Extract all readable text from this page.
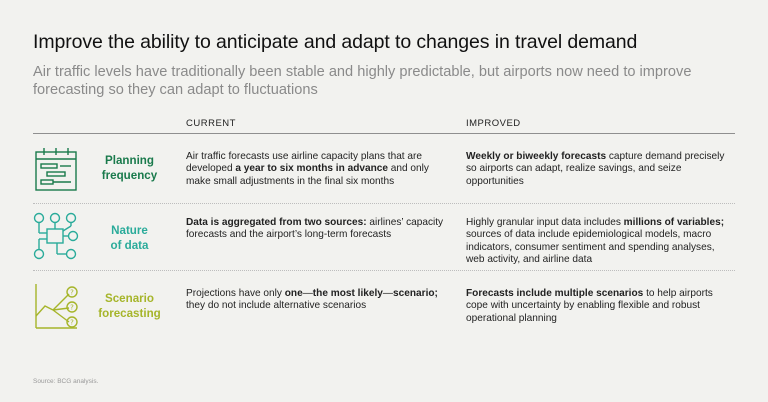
Improve the ability to anticipate and adapt to changes in travel demand
Air traffic levels have traditionally been stable and highly predictable, but airports now need to improve forecasting so they can adapt to fluctuations
CURRENT	IMPROVED
Planning
frequency
Air traffic forecasts use airline capacity plans that are developed a year to six months in advance and only make small adjustments in the final six months
Weekly or biweekly forecasts capture demand precisely so airports can adapt, realize savings, and seize opportunities
Nature
of data
Data is aggregated from two sources: airlines’ capacity forecasts and the airport’s long-term forecasts
Highly granular input data includes millions of variables; sources of data include epidemiological models, macro indicators, consumer sentiment and spending analyses, web activity, and airline data
?
?
?
Scenario
forecasting
Projections have only one—the most likely—scenario; they do not include alternative scenarios
Forecasts include multiple scenarios to help airports cope with uncertainty by enabling flexible and robust operational planning
Source: BCG analysis.
